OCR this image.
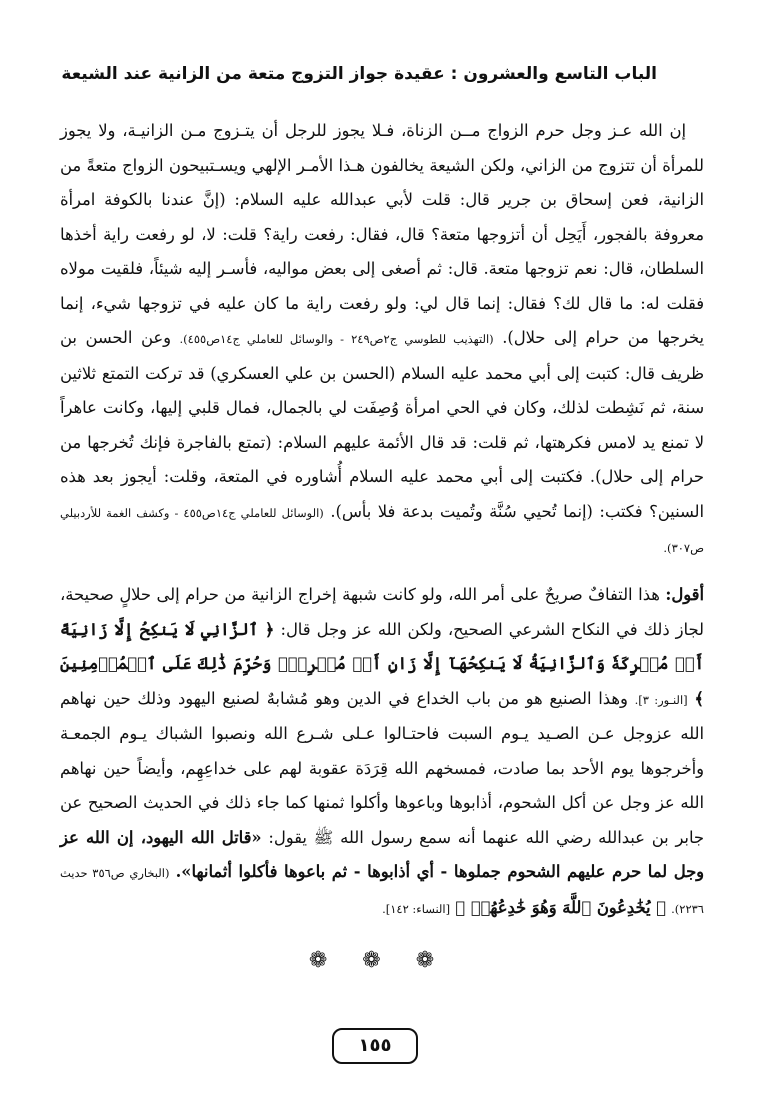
الباب التاسع والعشرون : عقيدة جواز التزوج متعة من الزانية عند الشيعة

إن الله عـز وجل حرم الزواج مــن الزناة، فـلا يجوز للرجل أن يتـزوج مـن الزانيـة، ولا يجوز للمرأة أن تتزوج من الزاني، ولكن الشيعة يخالفون هـذا الأمـر الإلهي ويسـتبيحون الزواج متعةً من الزانية، فعن إسحاق بن جرير قال: قلت لأبي عبدالله عليه السلام: (إنَّ عندنا بالكوفة امرأة معروفة بالفجور، أَيَحِل أن أتزوجها متعة؟ قال، فقال: رفعت راية؟ قلت: لا، لو رفعت راية أخذها السلطان، قال: نعم تزوجها متعة. قال: ثم أصغى إلى بعض مواليه، فأسـر إليه شيئاً، فلقيت مولاه فقلت له: ما قال لك؟ فقال: إنما قال لي: ولو رفعت راية ما كان عليه في تزوجها شيء، إنما يخرجها من حرام إلى حلال). (التهذيب للطوسي ج٢ص٢٤٩ - والوسائل للعاملي ج١٤ص٤٥٥). وعن الحسن بن ظريف قال: كتبت إلى أبي محمد عليه السلام (الحسن بن علي العسكري) قد تركت التمتع ثلاثين سنة، ثم نَشِطت لذلك، وكان في الحي امرأة وُصِفَت لي بالجمال، فمال قلبي إليها، وكانت عاهراً لا تمنع يد لامس فكرهتها، ثم قلت: قد قال الأئمة عليهم السلام: (تمتع بالفاجرة فإنك تُخرجها من حرام إلى حلال). فكتبت إلى أبي محمد عليه السلام أُشاوره في المتعة، وقلت: أيجوز بعد هذه السنين؟ فكتب: (إنما تُحيي سُنَّة وتُميت بدعة فلا بأس). (الوسائل للعاملي ج١٤ص٤٥٥ - وكشف الغمة للأردبيلي ص٣٠٧).

أقول: هذا التفافٌ صريحٌ على أمر الله، ولو كانت شبهة إخراج الزانية من حرام إلى حلالٍ صحيحة، لجاز ذلك في النكاح الشرعي الصحيح، ولكن الله عز وجل قال: ﴿ ٱلزَّانِي لَا يَنكِحُ إِلَّا زَانِيَةً أَوۡ مُشۡرِكَةٗ وَٱلزَّانِيَةُ لَا يَنكِحُهَآ إِلَّا زَانٍ أَوۡ مُشۡرِكٞۚ وَحُرِّمَ ذَٰلِكَ عَلَى ٱلۡمُؤۡمِنِينَ ﴾ [النـور: ٣]. وهذا الصنيع هو من باب الخداع في الدين وهو مُشابهٌ لصنيع اليهود وذلك حين نهاهم الله عزوجل عـن الصـيد يـوم السبت فاحتـالوا عـلى شـرع الله ونصبوا الشباك يـوم الجمعـة وأخرجوها يوم الأحد بما صادت، فمسخهم الله قِرَدَة عقوبة لهم على خداعِهِم، وأيضاً حين نهاهم الله عز وجل عن أكل الشحوم، أذابوها وباعوها وأكلوا ثمنها كما جاء ذلك في الحديث الصحيح عن جابر بن عبدالله رضي الله عنهما أنه سمع رسول الله ﷺ يقول: «قاتل الله اليهود، إن الله عز وجل لما حرم عليهم الشحوم جملوها - أي أذابوها - ثم باعوها فأكلوا أثمانها». (البخاري ص٣٥٦ حديث ٢٢٣٦). ﴿ يُخَٰدِعُونَ ٱللَّهَ وَهُوَ خَٰدِعُهُمۡ ﴾ [النساء: ١٤٢].

❁ ❁ ❁
١٥٥
